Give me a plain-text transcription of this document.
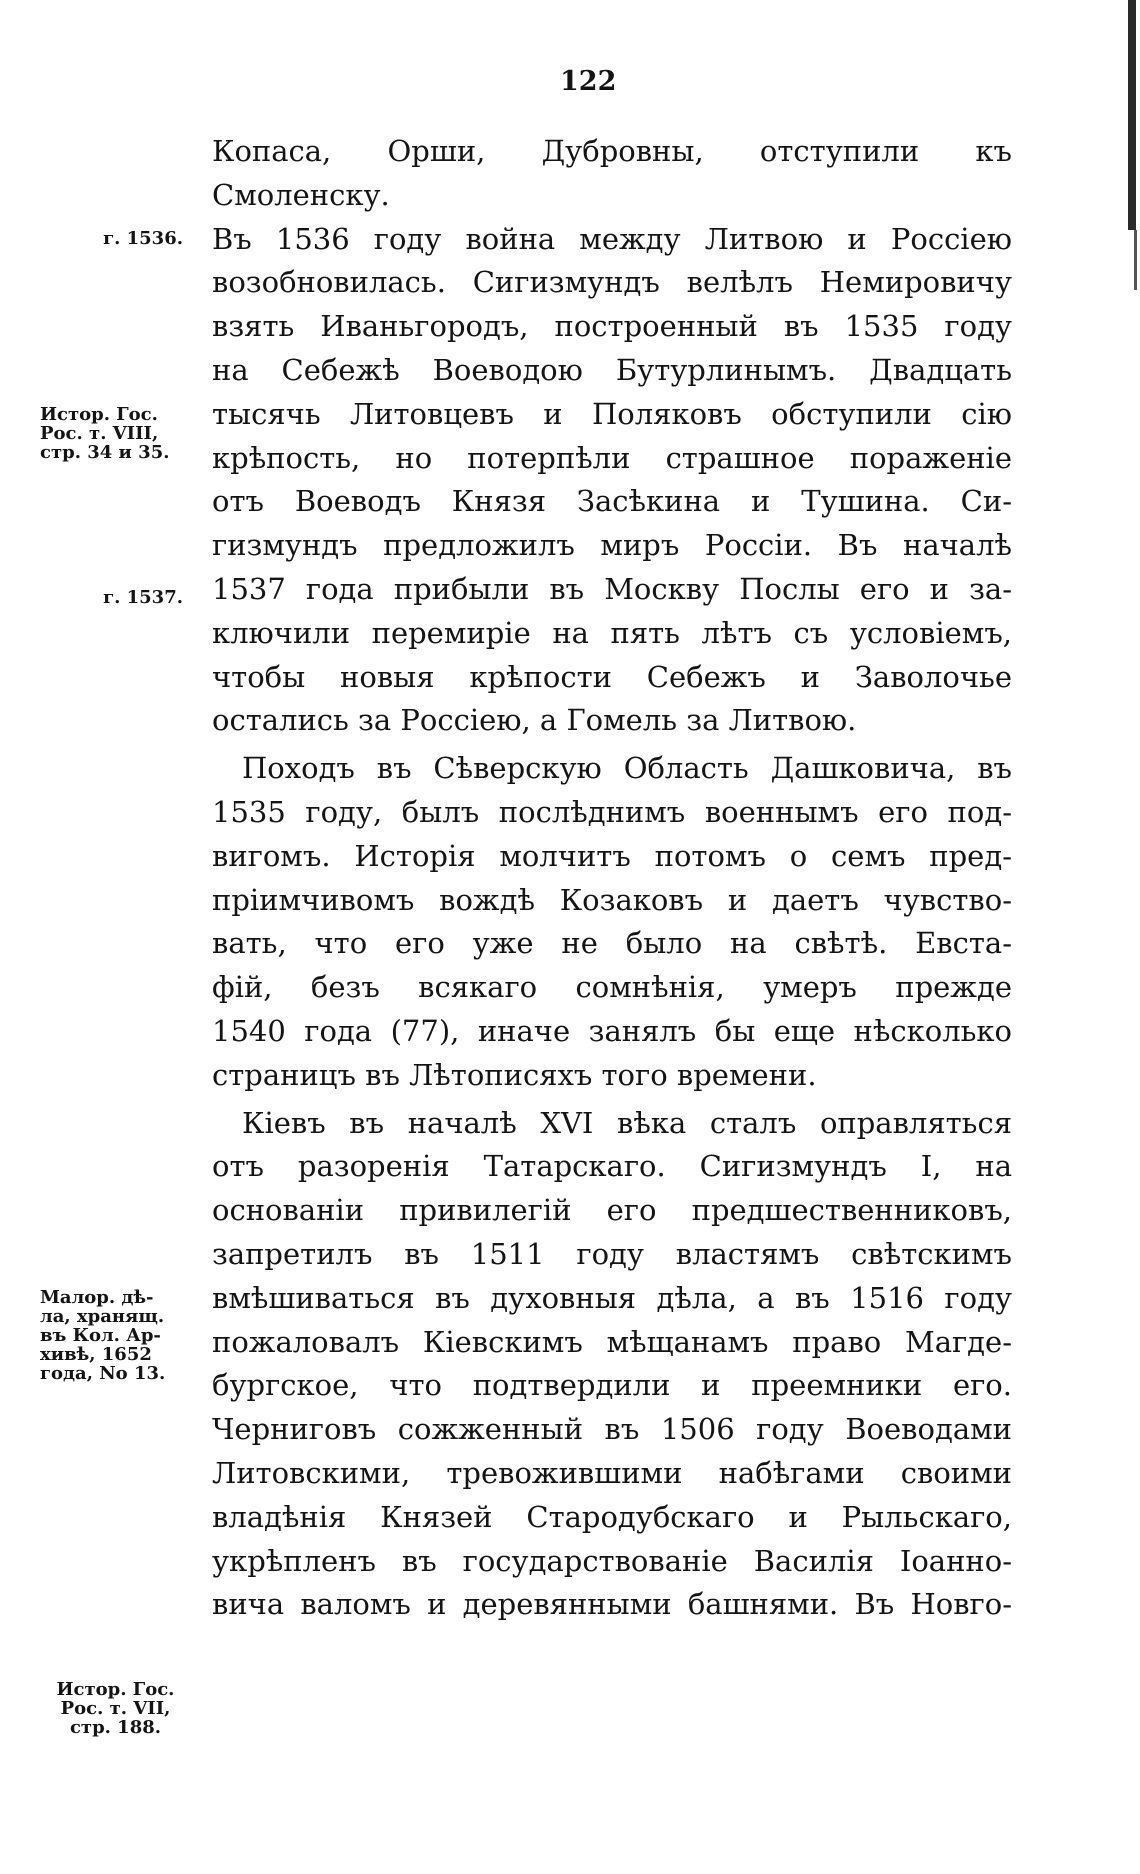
122
г. 1536.
Истор. Гос.
Рос. т. VIII,
стр. 34 и 35.
г. 1537.
Малор. дѣ-
ла, хранящ.
въ Кол. Ар-
хивѣ, 1652
года, No 13.
Истор. Гос.
Рос. т. VII,
стр. 188.
Копаса, Орши, Дубровны, отступили къ
Смоленску.
Въ 1536 году война между Литвою и Россіею
возобновилась. Сигизмундъ велѣлъ Немировичу
взять Иваньгородъ, построенный въ 1535 году
на Себежѣ Воеводою Бутурлинымъ. Двадцать
тысячь Литовцевъ и Поляковъ обступили сію
крѣпость, но потерпѣли страшное пораженіе
отъ Воеводъ Князя Засѣкина и Тушина. Си-
гизмундъ предложилъ миръ Россіи. Въ началѣ
1537 года прибыли въ Москву Послы его и за-
ключили перемиріе на пять лѣтъ съ условіемъ,
чтобы новыя крѣпости Себежъ и Заволочье
остались за Россіею, а Гомель за Литвою.
Походъ въ Сѣверскую Область Дашковича, въ
1535 году, былъ послѣднимъ военнымъ его под-
вигомъ. Исторія молчитъ потомъ о семъ пред-
пріимчивомъ вождѣ Козаковъ и даетъ чувство-
вать, что его уже не было на свѣтѣ. Евста-
фій, безъ всякаго сомнѣнія, умеръ прежде
1540 года (77), иначе занялъ бы еще нѣсколько
страницъ въ Лѣтописяхъ того времени.
Кіевъ въ началѣ XVI вѣка сталъ оправляться
отъ разоренія Татарскаго. Сигизмундъ I, на
основаніи привилегій его предшественниковъ,
запретилъ въ 1511 году властямъ свѣтскимъ
вмѣшиваться въ духовныя дѣла, а въ 1516 году
пожаловалъ Кіевскимъ мѣщанамъ право Магде-
бургское, что подтвердили и преемники его.
Черниговъ сожженный въ 1506 году Воеводами
Литовскими, тревожившими набѣгами своими
владѣнія Князей Стародубскаго и Рыльскаго,
укрѣпленъ въ государствованіе Василія Іоанно-
вича валомъ и деревянными башнями. Въ Новго-
